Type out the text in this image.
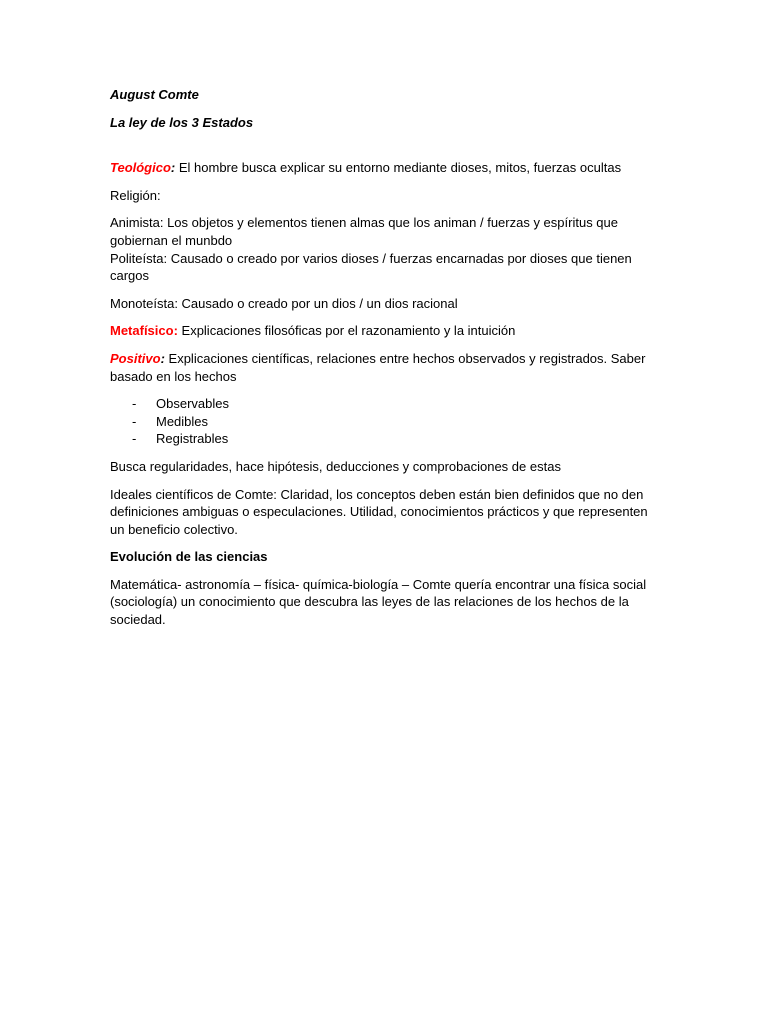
August Comte

La ley de los 3 Estados

Teológico: El hombre busca explicar su entorno mediante dioses, mitos, fuerzas ocultas

Religión:

Animista: Los objetos y elementos tienen almas que los animan / fuerzas y espíritus que gobiernan el munbdo

Politeísta: Causado o creado por varios dioses / fuerzas encarnadas por dioses que tienen cargos

Monoteísta: Causado o creado por un dios / un dios racional

Metafísico: Explicaciones filosóficas por el razonamiento y la intuición

Positivo: Explicaciones científicas, relaciones entre hechos observados y registrados. Saber basado en los hechos

- Observables
- Medibles
- Registrables

Busca regularidades, hace hipótesis, deducciones y comprobaciones de estas

Ideales científicos de Comte: Claridad, los conceptos deben están bien definidos que no den definiciones ambiguas o especulaciones. Utilidad, conocimientos prácticos y que representen un beneficio colectivo.

Evolución de las ciencias

Matemática- astronomía – física- química-biología – Comte quería encontrar una física social (sociología) un conocimiento que descubra las leyes de las relaciones de los hechos de la sociedad.
